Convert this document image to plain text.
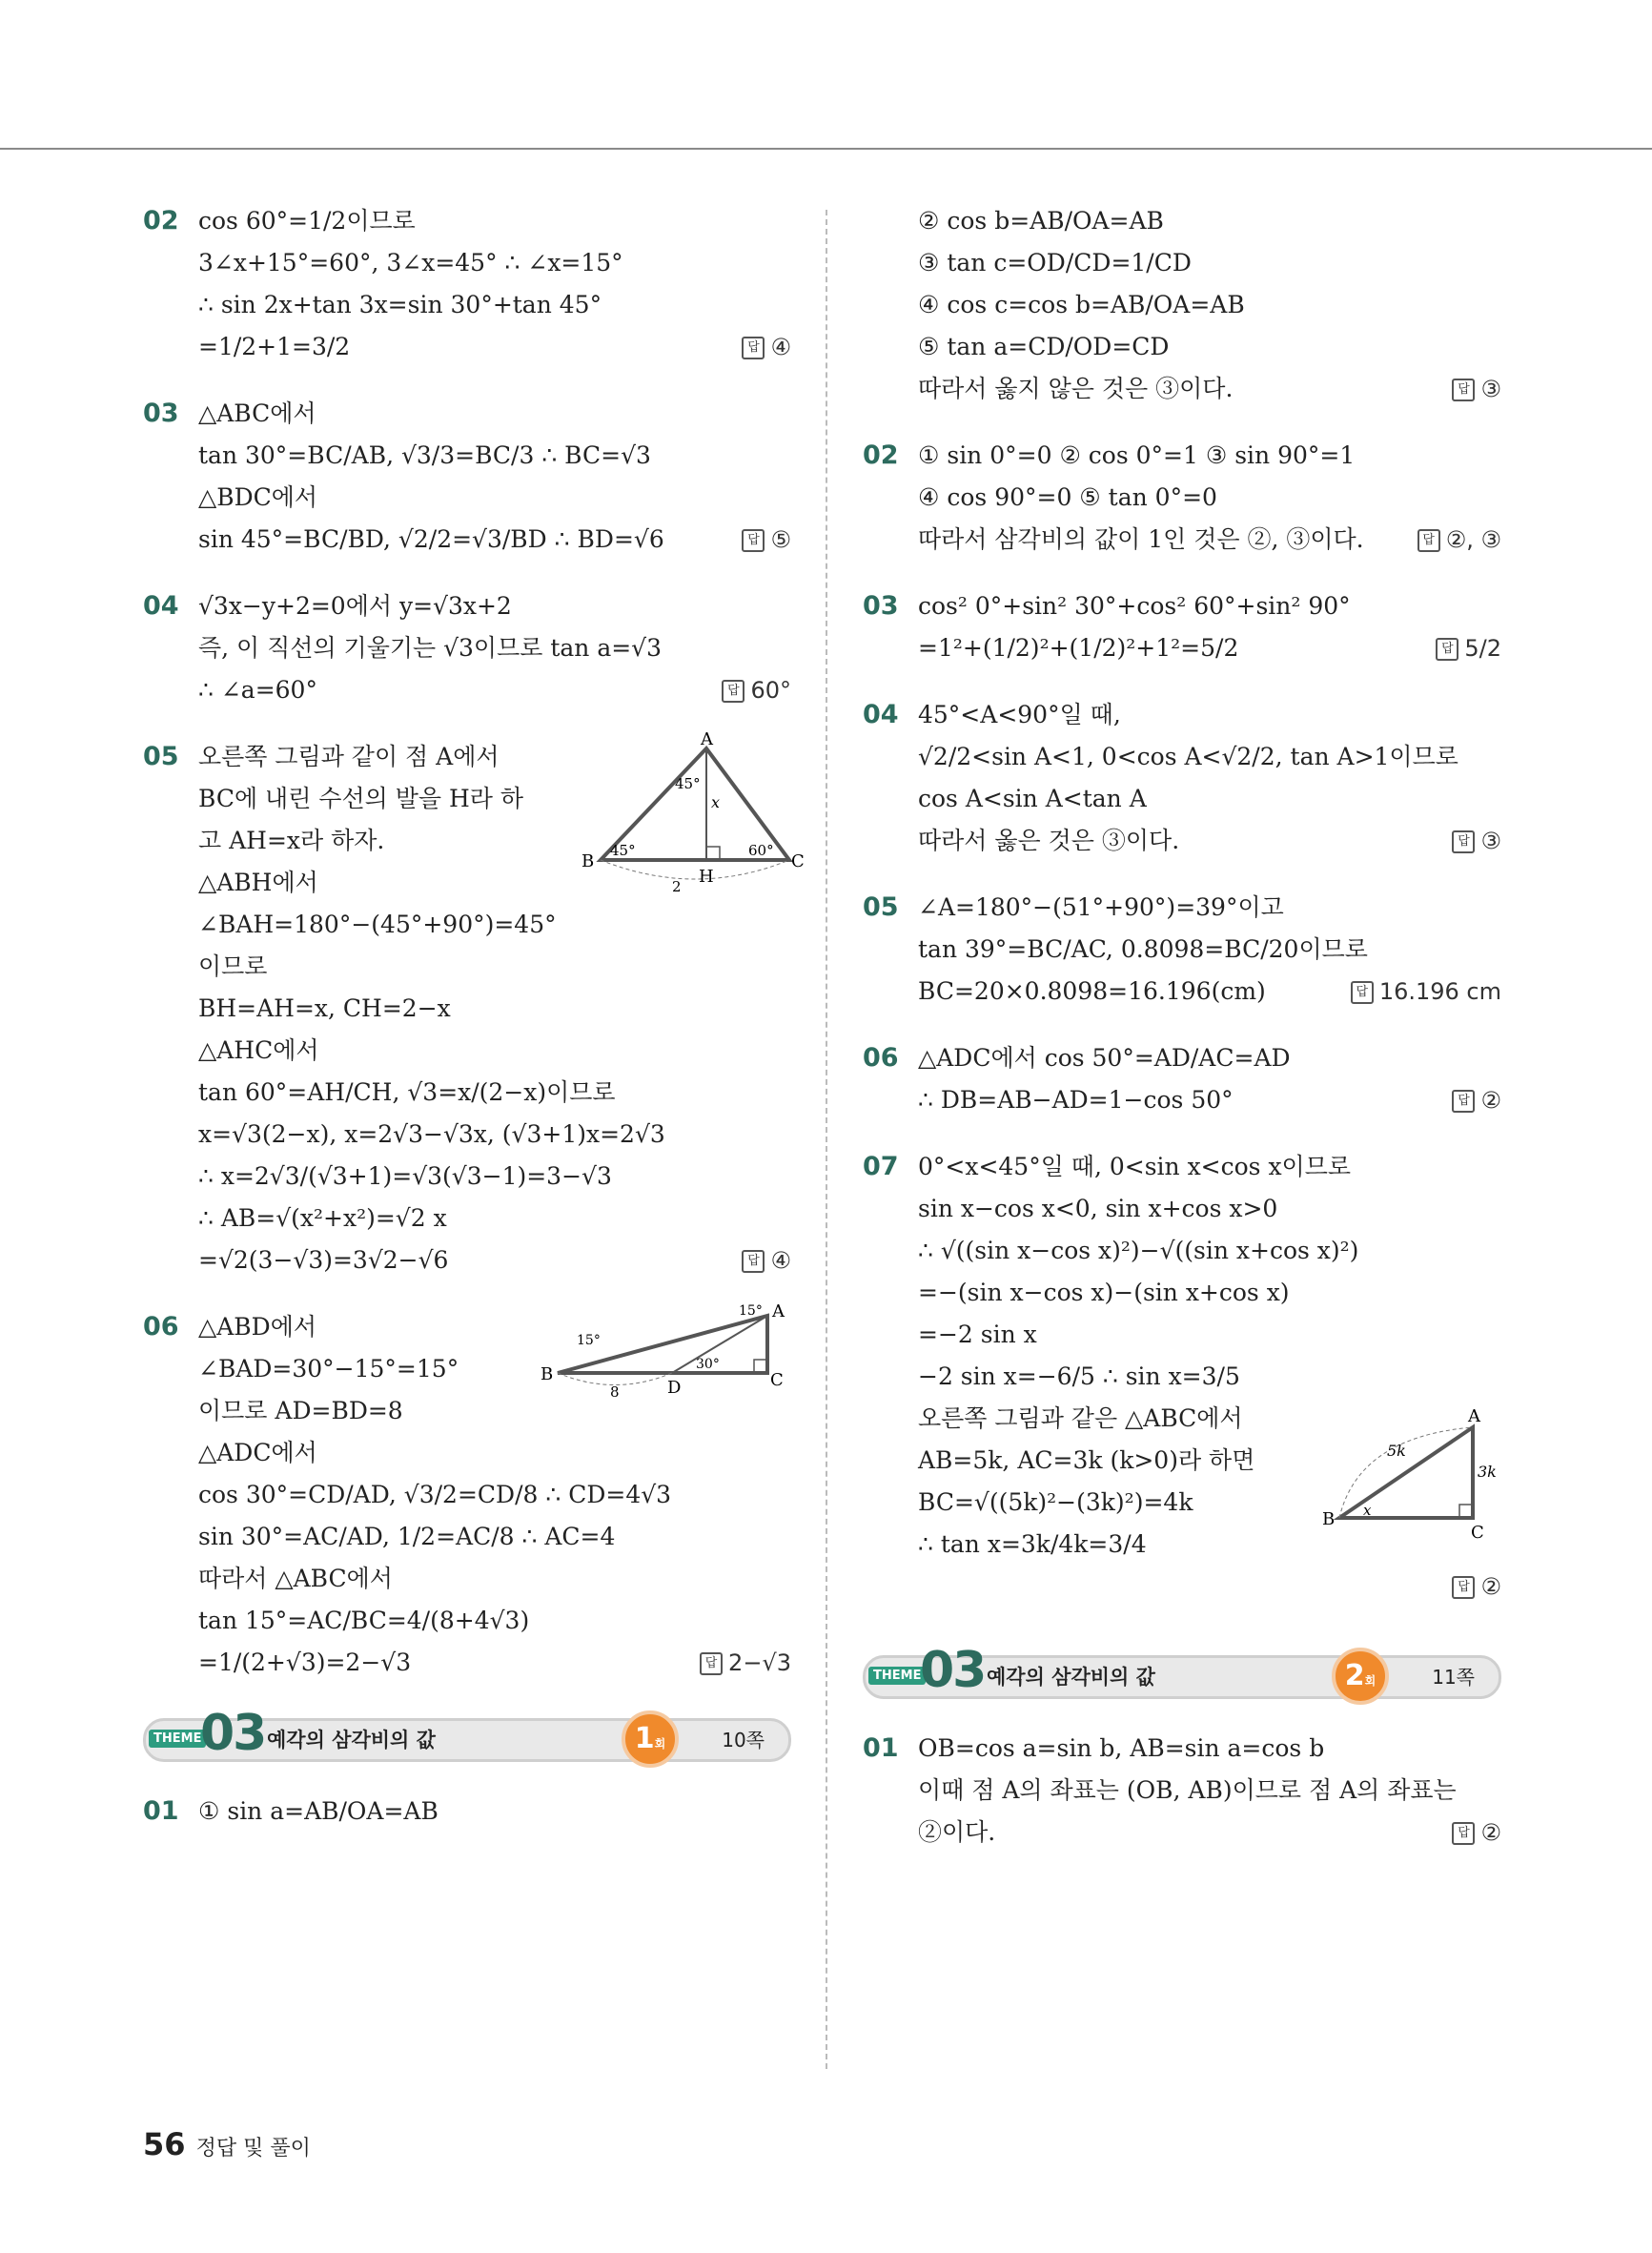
02 cos 60°=1/2이므로
3∠x+15°=60°, 3∠x=45° ∴ ∠x=15°
∴ sin 2x+tan 3x=sin 30°+tan 45°
=1/2+1=3/2	답 ④
03 △ABC에서
tan 30°=BC/AB, √3/3=BC/3 ∴ BC=√3
△BDC에서
sin 45°=BC/BD, √2/2=√3/BD ∴ BD=√6	답 ⑤
04 √3x−y+2=0에서 y=√3x+2
즉, 이 직선의 기울기는 √3이므로 tan a=√3
∴ ∠a=60°	답 60°
05 오른쪽 그림과 같이 점 A에서
BC에 내린 수선의 발을 H라 하
고 AH=x라 하자.
△ABH에서
∠BAH=180°−(45°+90°)=45°
이므로
BH=AH=x, CH=2−x
△AHC에서
tan 60°=AH/CH, √3=x/(2−x)이므로
x=√3(2−x), x=2√3−√3x, (√3+1)x=2√3
∴ x=2√3/(√3+1)=√3(√3−1)=3−√3
∴ AB=√(x²+x²)=√2 x
=√2(3−√3)=3√2−√6	답 ④
A
B	C
H
45°
45°	60°
x
2
06 △ABD에서
∠BAD=30°−15°=15°
이므로 AD=BD=8
△ADC에서
cos 30°=CD/AD, √3/2=CD/8 ∴ CD=4√3
sin 30°=AC/AD, 1/2=AC/8 ∴ AC=4
따라서 △ABC에서
tan 15°=AC/BC=4/(8+4√3)
=1/(2+√3)=2−√3	답 2−√3
A
B	C
D
15°
15°
30°
8
THEME
03 예각의 삼각비의 값	1회	10쪽
01 ① sin a=AB/OA=AB
② cos b=AB/OA=AB
③ tan c=OD/CD=1/CD
④ cos c=cos b=AB/OA=AB
⑤ tan a=CD/OD=CD
따라서 옳지 않은 것은 ③이다.	답 ③
02 ① sin 0°=0 ② cos 0°=1 ③ sin 90°=1
④ cos 90°=0 ⑤ tan 0°=0
따라서 삼각비의 값이 1인 것은 ②, ③이다.	답 ②, ③
03 cos² 0°+sin² 30°+cos² 60°+sin² 90°
=1²+(1/2)²+(1/2)²+1²=5/2	답 5/2
04 45°<A<90°일 때,
√2/2<sin A<1, 0<cos A<√2/2, tan A>1이므로
cos A<sin A<tan A
따라서 옳은 것은 ③이다.	답 ③
05 ∠A=180°−(51°+90°)=39°이고
tan 39°=BC/AC, 0.8098=BC/20이므로
BC=20×0.8098=16.196(cm)	답 16.196 cm
06 △ADC에서 cos 50°=AD/AC=AD
∴ DB=AB−AD=1−cos 50°	답 ②
07 0°<x<45°일 때, 0<sin x<cos x이므로
sin x−cos x<0, sin x+cos x>0
∴ √((sin x−cos x)²)−√((sin x+cos x)²)
=−(sin x−cos x)−(sin x+cos x)
=−2 sin x
−2 sin x=−6/5 ∴ sin x=3/5
오른쪽 그림과 같은 △ABC에서
AB=5k, AC=3k (k>0)라 하면
BC=√((5k)²−(3k)²)=4k
∴ tan x=3k/4k=3/4
답 ②
A
B
C
5k
3k
x
THEME
03 예각의 삼각비의 값	2회	11쪽
01 OB=cos a=sin b, AB=sin a=cos b
이때 점 A의 좌표는 (OB, AB)이므로 점 A의 좌표는
②이다.	답 ②
56 정답 및 풀이
